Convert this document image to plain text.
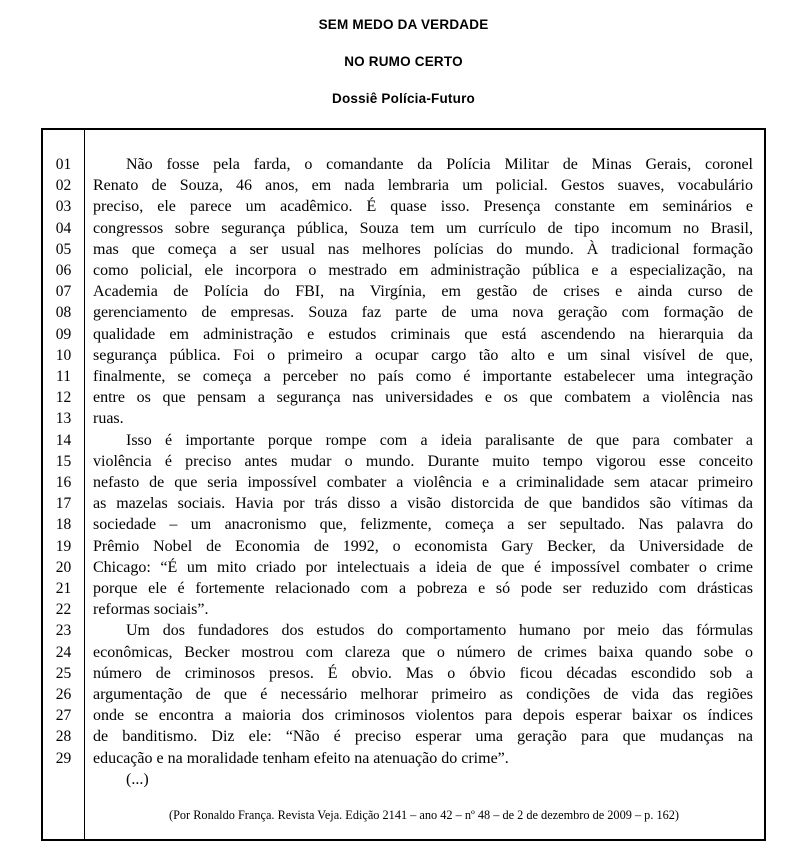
SEM MEDO DA VERDADE
NO RUMO CERTO
Dossiê Polícia-Futuro
01	Não fosse pela farda, o comandante da Polícia Militar de Minas Gerais, coronel
02	Renato de Souza, 46 anos, em nada lembraria um policial. Gestos suaves, vocabulário
03	preciso, ele parece um acadêmico. É quase isso. Presença constante em seminários e
04	congressos sobre segurança pública, Souza tem um currículo de tipo incomum no Brasil,
05	mas que começa a ser usual nas melhores polícias do mundo. À tradicional formação
06	como policial, ele incorpora o mestrado em administração pública e a especialização, na
07	Academia de Polícia do FBI, na Virgínia, em gestão de crises e ainda curso de
08	gerenciamento de empresas. Souza faz parte de uma nova geração com formação de
09	qualidade em administração e estudos criminais que está ascendendo na hierarquia da
10	segurança pública. Foi o primeiro a ocupar cargo tão alto e um sinal visível de que,
11	finalmente, se começa a perceber no país como é importante estabelecer uma integração
12	entre os que pensam a segurança nas universidades e os que combatem a violência nas
13	ruas.
14	Isso é importante porque rompe com a ideia paralisante de que para combater a
15	violência é preciso antes mudar o mundo. Durante muito tempo vigorou esse conceito
16	nefasto de que seria impossível combater a violência e a criminalidade sem atacar primeiro
17	as mazelas sociais. Havia por trás disso a visão distorcida de que bandidos são vítimas da
18	sociedade – um anacronismo que, felizmente, começa a ser sepultado. Nas palavra do
19	Prêmio Nobel de Economia de 1992, o economista Gary Becker, da Universidade de
20	Chicago: “É um mito criado por intelectuais a ideia de que é impossível combater o crime
21	porque ele é fortemente relacionado com a pobreza e só pode ser reduzido com drásticas
22	reformas sociais”.
23	Um dos fundadores dos estudos do comportamento humano por meio das fórmulas
24	econômicas, Becker mostrou com clareza que o número de crimes baixa quando sobe o
25	número de criminosos presos. É obvio. Mas o óbvio ficou décadas escondido sob a
26	argumentação de que é necessário melhorar primeiro as condições de vida das regiões
27	onde se encontra a maioria dos criminosos violentos para depois esperar baixar os índices
28	de banditismo. Diz ele: “Não é preciso esperar uma geração para que mudanças na
29	educação e na moralidade tenham efeito na atenuação do crime”.
(...)
(Por Ronaldo França. Revista Veja. Edição 2141 – ano 42 – nº 48 – de 2 de dezembro de 2009 – p. 162)
